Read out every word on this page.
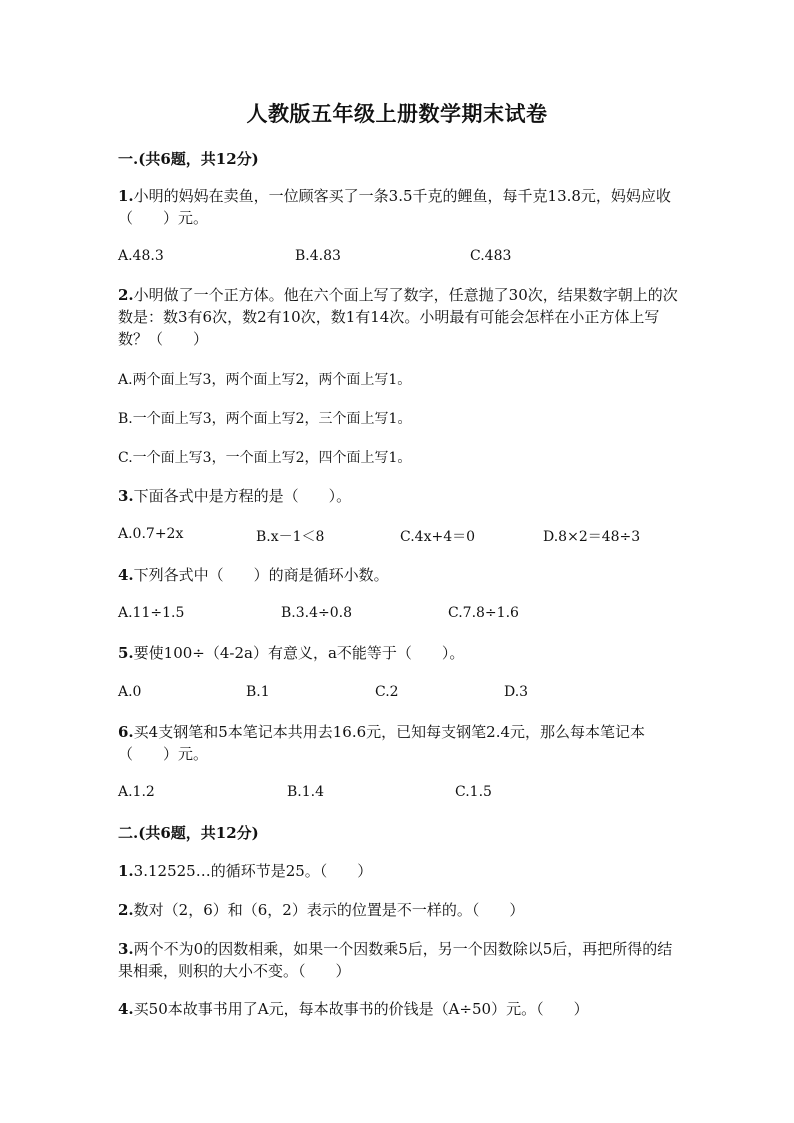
人教版五年级上册数学期末试卷
一.(共6题，共12分)
1.小明的妈妈在卖鱼，一位顾客买了一条3.5千克的鲤鱼，每千克13.8元，妈妈应收（　　）元。
A.48.3	B.4.83	C.483
2.小明做了一个正方体。他在六个面上写了数字，任意抛了30次，结果数字朝上的次数是：数3有6次，数2有10次，数1有14次。小明最有可能会怎样在小正方体上写数？（　　）
A.两个面上写3，两个面上写2，两个面上写1。
B.一个面上写3，两个面上写2，三个面上写1。
C.一个面上写3，一个面上写2，四个面上写1。
3.下面各式中是方程的是（　　）。
A.0.7+2x	B.x－1＜8	C.4x+4＝0	D.8×2＝48÷3
4.下列各式中（　　）的商是循环小数。
A.11÷1.5	B.3.4÷0.8	C.7.8÷1.6
5.要使100÷（4-2a）有意义，a不能等于（　　）。
A.0	B.1	C.2	D.3
6.买4支钢笔和5本笔记本共用去16.6元，已知每支钢笔2.4元，那么每本笔记本（　　）元。
A.1.2	B.1.4	C.1.5
二.(共6题，共12分)
1.3.12525…的循环节是25。（　　）
2.数对（2，6）和（6，2）表示的位置是不一样的。（　　）
3.两个不为0的因数相乘，如果一个因数乘5后，另一个因数除以5后，再把所得的结果相乘，则积的大小不变。（　　）
4.买50本故事书用了A元，每本故事书的价钱是（A÷50）元。（　　）
